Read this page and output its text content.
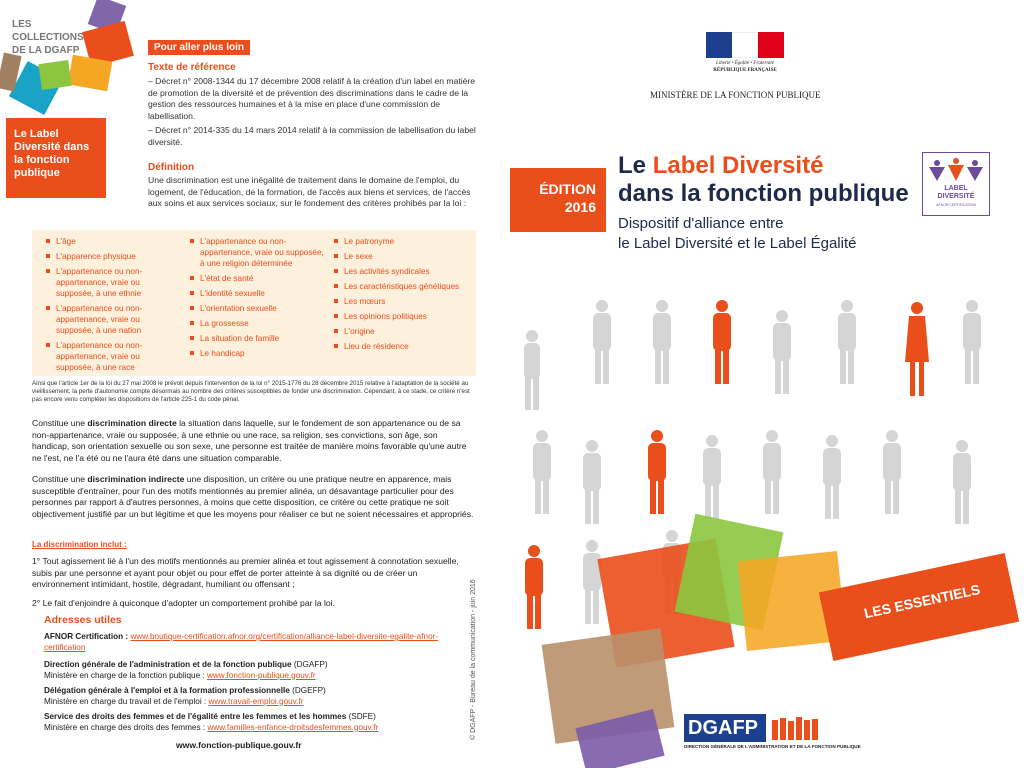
LES COLLECTIONS
DE LA DGAFP
Le Label Diversité dans la fonction publique
Pour aller plus loin
Texte de référence

– Décret n° 2008-1344 du 17 décembre 2008 relatif à la création d'un label en matière de promotion de la diversité et de prévention des discriminations dans le cadre de la gestion des ressources humaines et à la mise en place d'une commission de labellisation.

– Décret n° 2014-335 du 14 mars 2014 relatif à la commission de labellisation du label diversité.

Définition
Une discrimination est une inégalité de traitement dans le domaine de l'emploi, du logement, de l'éducation, de la formation, de l'accès aux biens et services, de l'accès aux soins et aux services sociaux, sur le fondement des critères prohibés par la loi :
L'âge
L'apparence physique
L'appartenance ou non-appartenance, vraie ou supposée, à une ethnie
L'appartenance ou non-appartenance, vraie ou supposée, à une nation
L'appartenance ou non-appartenance, vraie ou supposée, à une race
L'appartenance ou non-appartenance, vraie ou supposée, à une religion déterminée
L'état de santé
L'identité sexuelle
L'orientation sexuelle
La grossesse
La situation de famille
Le handicap
Le patronyme
Le sexe
Les activités syndicales
Les caractéristiques génétiques
Les mœurs
Les opinions politiques
L'origine
Lieu de résidence
Ainsi que l'article 1er de la loi du 27 mai 2008 le prévoit depuis l'intervention de la loi n° 2015-1776 du 28 décembre 2015 relative à l'adaptation de la société au vieillissement, la perte d'autonomie compte désormais au nombre des critères susceptibles de fonder une discrimination. Cependant, à ce stade, ce critère n'est pas encore venu compléter les dispositions de l'article 225-1 du code pénal.
Constitue une discrimination directe la situation dans laquelle, sur le fondement de son appartenance ou de sa non-appartenance, vraie ou supposée, à une ethnie ou une race, sa religion, ses convictions, son âge, son handicap, son orientation sexuelle ou son sexe, une personne est traitée de manière moins favorable qu'une autre ne l'est, ne l'a été ou ne l'aura été dans une situation comparable.
Constitue une discrimination indirecte une disposition, un critère ou une pratique neutre en apparence, mais susceptible d'entraîner, pour l'un des motifs mentionnés au premier alinéa, un désavantage particulier pour des personnes par rapport à d'autres personnes, à moins que cette disposition, ce critère ou cette pratique ne soit objectivement justifié par un but légitime et que les moyens pour réaliser ce but ne soient nécessaires et appropriés.
La discrimination inclut :
1° Tout agissement lié à l'un des motifs mentionnés au premier alinéa et tout agissement à connotation sexuelle, subis par une personne et ayant pour objet ou pour effet de porter atteinte à sa dignité ou de créer un environnement intimidant, hostile, dégradant, humiliant ou offensant ;
2° Le fait d'enjoindre à quiconque d'adopter un comportement prohibé par la loi.
Adresses utiles
AFNOR Certification : www.boutique-certification.afnor.org/certification/alliance-label-diversite-egalite-afnor-certification
Direction générale de l'administration et de la fonction publique (DGAFP)
Ministère en charge de la fonction publique : www.fonction-publique.gouv.fr
Délégation générale à l'emploi et à la formation professionnelle (DGEFP)
Ministère en charge du travail et de l'emploi : www.travail-emploi.gouv.fr
Service des droits des femmes et de l'égalité entre les femmes et les hommes (SDFE)
Ministère en charge des droits des femmes : www.familles-enfance-droitsdesfemmes.gouv.fr
www.fonction-publique.gouv.fr
© DGAFP - Bureau de la communication - juin 2016
Liberté • Égalité • Fraternité
RÉPUBLIQUE FRANÇAISE
MINISTÈRE DE LA FONCTION PUBLIQUE
ÉDITION
2016
Le Label Diversité
dans la fonction publique
Dispositif d'alliance entre
le Label Diversité et le Label Égalité
LABEL
DIVERSITÉ
AFNOR CERTIFICATION
LES ESSENTIELS
DGAFP
DIRECTION GÉNÉRALE DE L'ADMINISTRATION ET DE LA FONCTION PUBLIQUE
